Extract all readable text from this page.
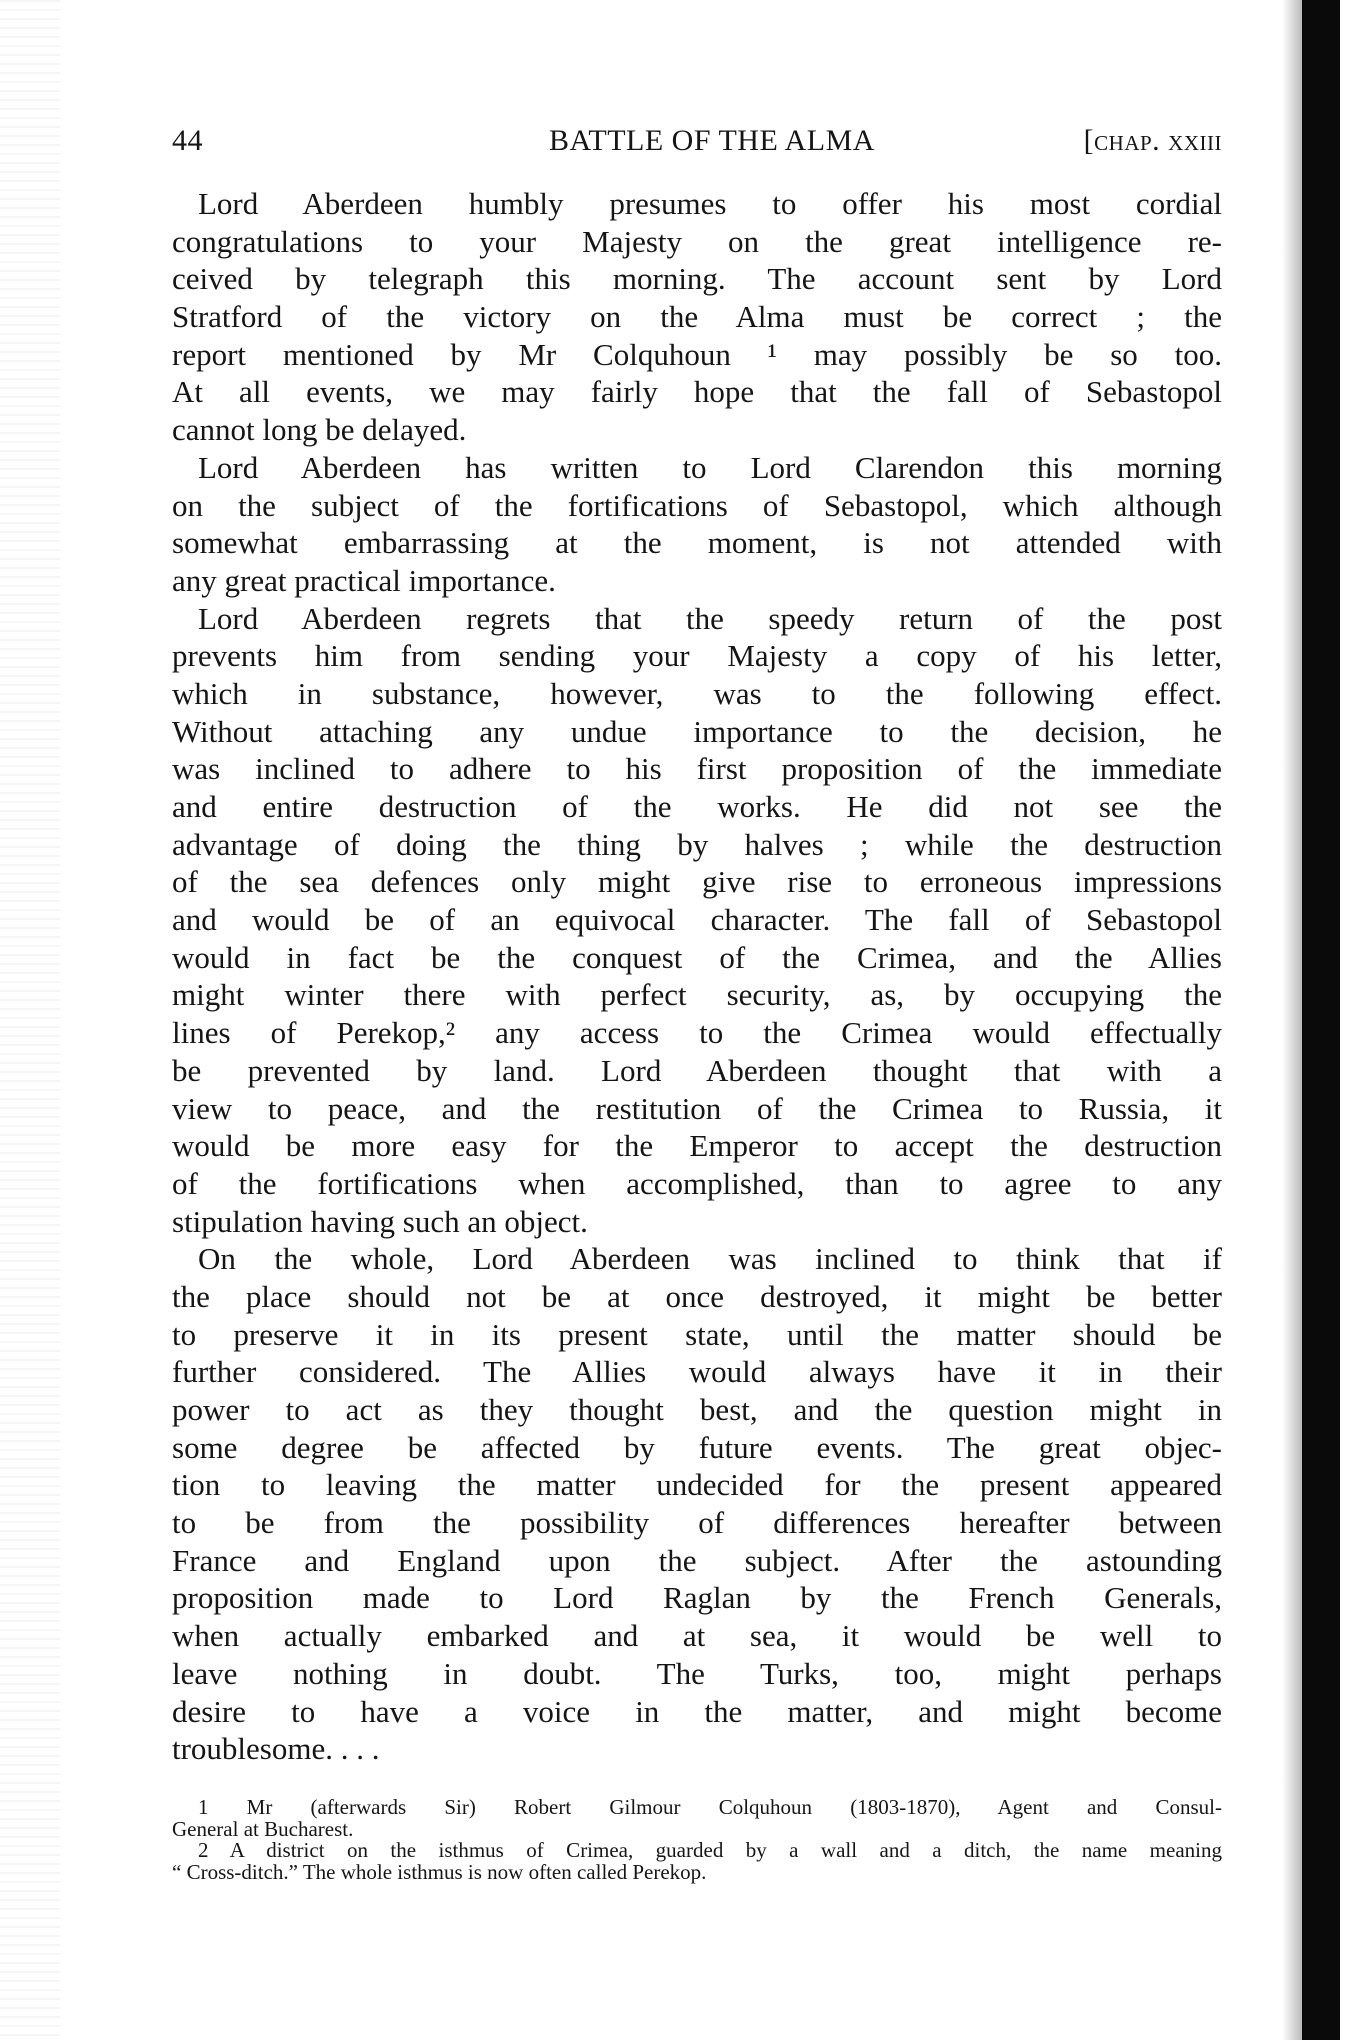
44	BATTLE OF THE ALMA	[chap. xxiii
Lord Aberdeen humbly presumes to offer his most cordial
congratulations to your Majesty on the great intelligence re-
ceived by telegraph this morning. The account sent by Lord
Stratford of the victory on the Alma must be correct ; the
report mentioned by Mr Colquhoun ¹ may possibly be so too.
At all events, we may fairly hope that the fall of Sebastopol
cannot long be delayed.
Lord Aberdeen has written to Lord Clarendon this morning
on the subject of the fortifications of Sebastopol, which although
somewhat embarrassing at the moment, is not attended with
any great practical importance.
Lord Aberdeen regrets that the speedy return of the post
prevents him from sending your Majesty a copy of his letter,
which in substance, however, was to the following effect.
Without attaching any undue importance to the decision, he
was inclined to adhere to his first proposition of the immediate
and entire destruction of the works. He did not see the
advantage of doing the thing by halves ; while the destruction
of the sea defences only might give rise to erroneous impressions
and would be of an equivocal character. The fall of Sebastopol
would in fact be the conquest of the Crimea, and the Allies
might winter there with perfect security, as, by occupying the
lines of Perekop,² any access to the Crimea would effectually
be prevented by land. Lord Aberdeen thought that with a
view to peace, and the restitution of the Crimea to Russia, it
would be more easy for the Emperor to accept the destruction
of the fortifications when accomplished, than to agree to any
stipulation having such an object.
On the whole, Lord Aberdeen was inclined to think that if
the place should not be at once destroyed, it might be better
to preserve it in its present state, until the matter should be
further considered. The Allies would always have it in their
power to act as they thought best, and the question might in
some degree be affected by future events. The great objec-
tion to leaving the matter undecided for the present appeared
to be from the possibility of differences hereafter between
France and England upon the subject. After the astounding
proposition made to Lord Raglan by the French Generals,
when actually embarked and at sea, it would be well to
leave nothing in doubt. The Turks, too, might perhaps
desire to have a voice in the matter, and might become
troublesome. . . .
1 Mr (afterwards Sir) Robert Gilmour Colquhoun (1803-1870), Agent and Consul-
General at Bucharest.
2 A district on the isthmus of Crimea, guarded by a wall and a ditch, the name meaning
“ Cross-ditch.” The whole isthmus is now often called Perekop.
